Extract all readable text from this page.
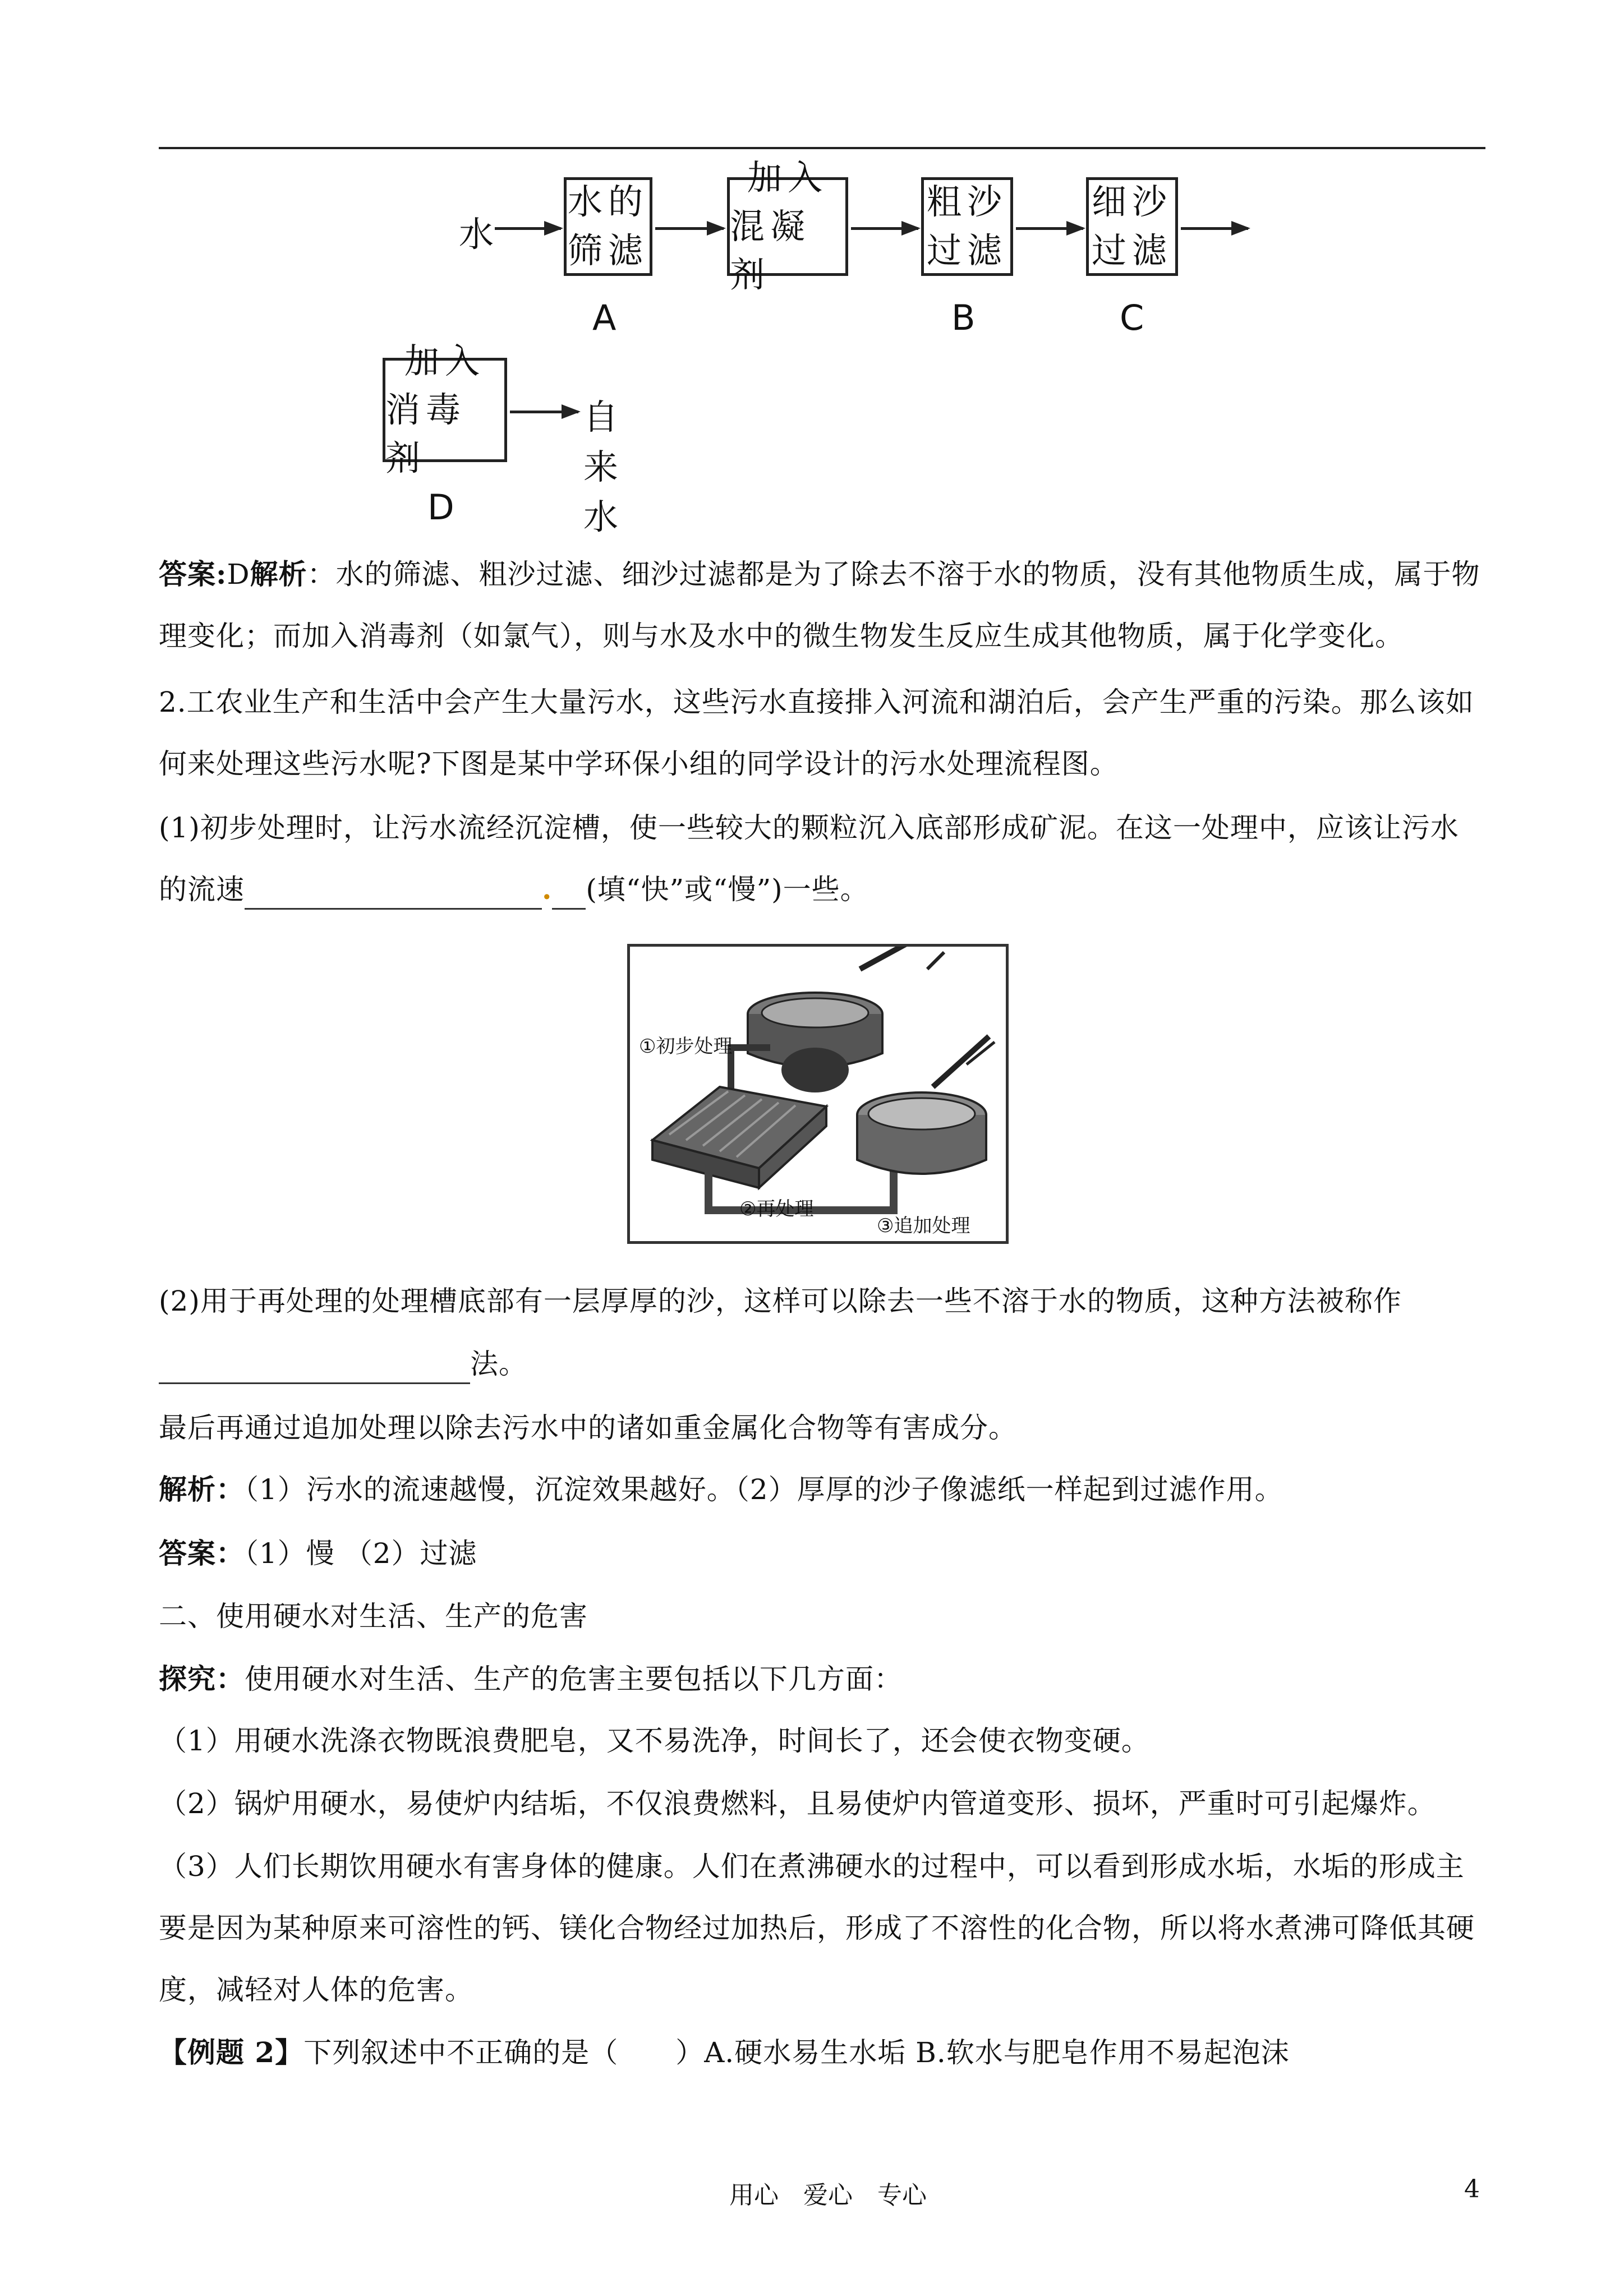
水
水的
筛滤
A
加入
混凝剂
粗沙
过滤
B
细沙
过滤
C
加入
消毒剂
D
自来水
答案:D解析：水的筛滤、粗沙过滤、细沙过滤都是为了除去不溶于水的物质，没有其他物质生成，属于物
理变化；而加入消毒剂（如氯气），则与水及水中的微生物发生反应生成其他物质，属于化学变化。
2.工农业生产和生活中会产生大量污水，这些污水直接排入河流和湖泊后，会产生严重的污染。那么该如
何来处理这些污水呢?下图是某中学环保小组的同学设计的污水处理流程图。
(1)初步处理时，让污水流经沉淀槽，使一些较大的颗粒沉入底部形成矿泥。在这一处理中，应该让污水
的流速	. (填“快”或“慢”)一些。
①初步处理
②再处理
③追加处理
(2)用于再处理的处理槽底部有一层厚厚的沙，这样可以除去一些不溶于水的物质，这种方法被称作
法。
最后再通过追加处理以除去污水中的诸如重金属化合物等有害成分。
解析：（1）污水的流速越慢，沉淀效果越好。（2）厚厚的沙子像滤纸一样起到过滤作用。
答案：（1）慢 （2）过滤
二、使用硬水对生活、生产的危害
探究：使用硬水对生活、生产的危害主要包括以下几方面：
（1）用硬水洗涤衣物既浪费肥皂，又不易洗净，时间长了，还会使衣物变硬。
（2）锅炉用硬水，易使炉内结垢，不仅浪费燃料，且易使炉内管道变形、损坏，严重时可引起爆炸。
（3）人们长期饮用硬水有害身体的健康。人们在煮沸硬水的过程中，可以看到形成水垢，水垢的形成主
要是因为某种原来可溶性的钙、镁化合物经过加热后，形成了不溶性的化合物，所以将水煮沸可降低其硬
度，减轻对人体的危害。
【例题 2】下列叙述中不正确的是（　　）A.硬水易生水垢 B.软水与肥皂作用不易起泡沫
用心　爱心　专心	4
